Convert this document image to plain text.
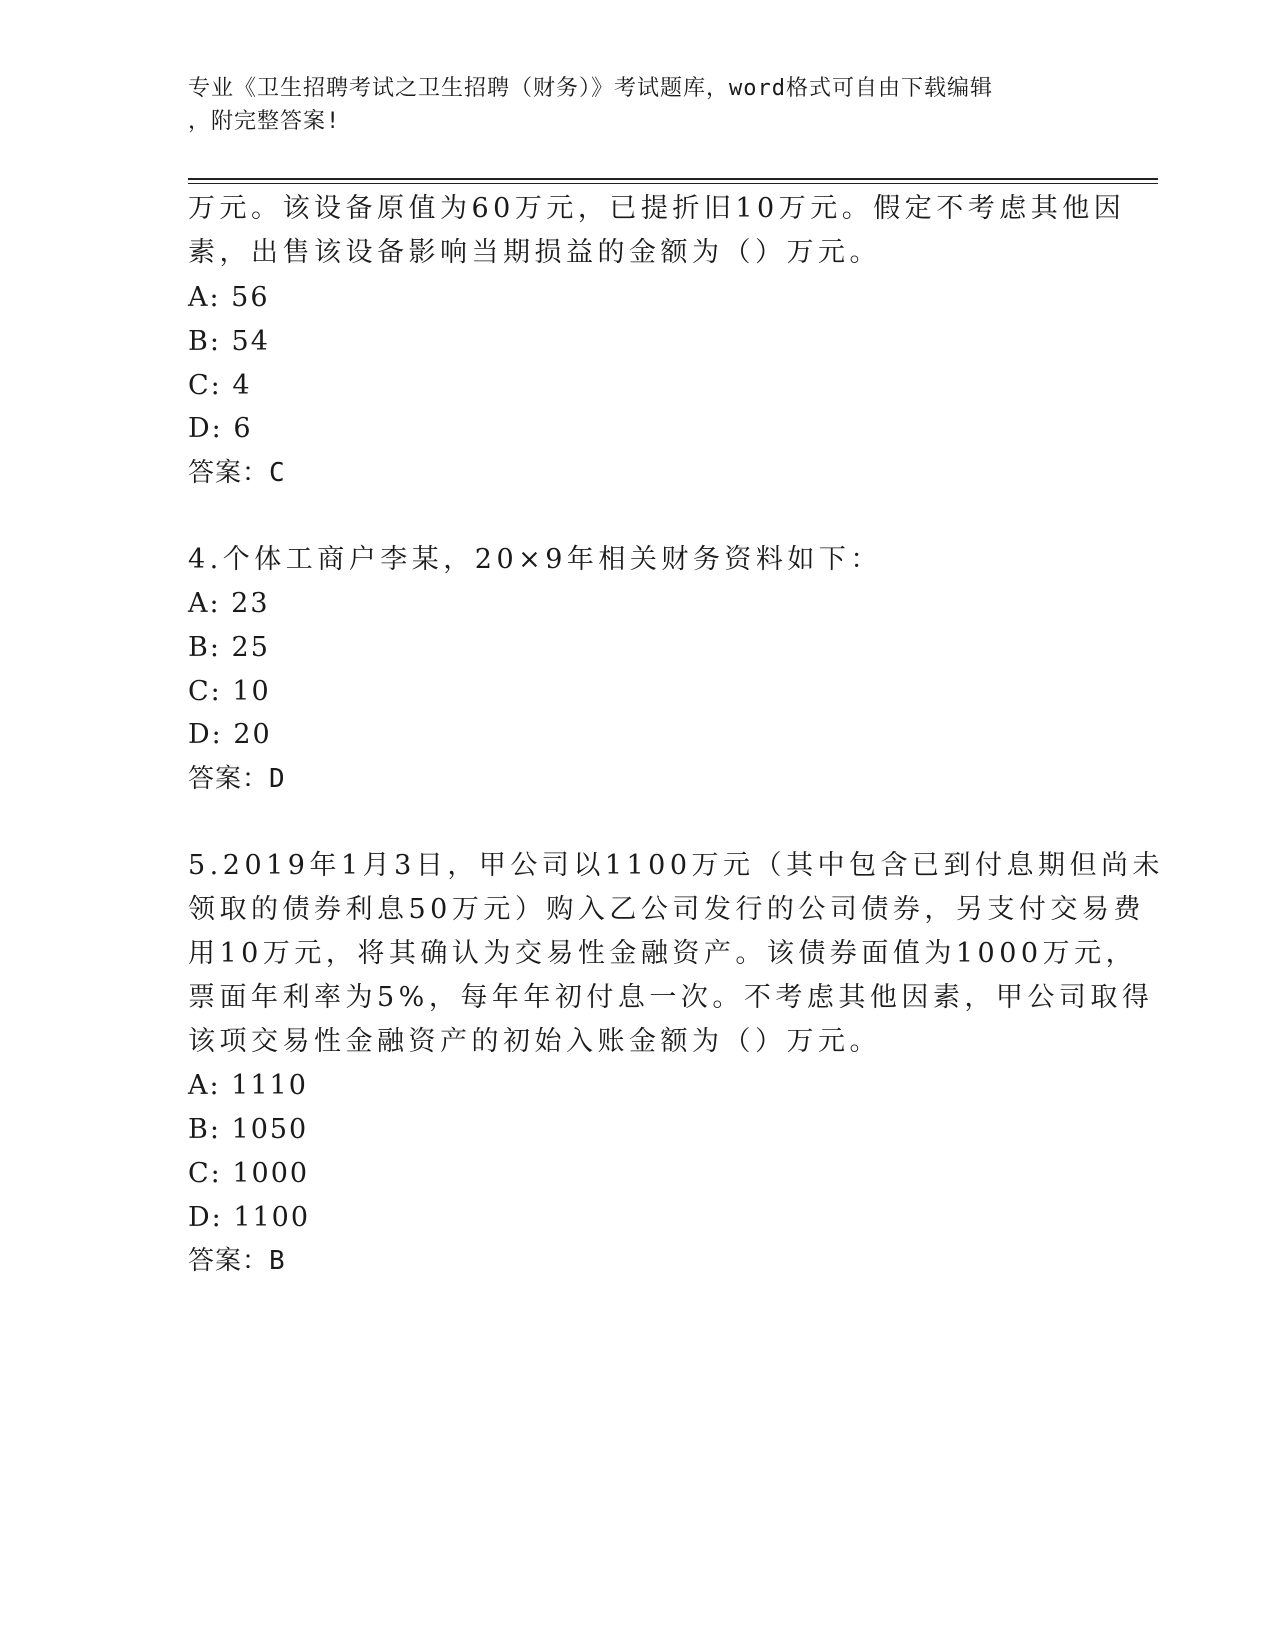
专业《卫生招聘考试之卫生招聘（财务）》考试题库，word格式可自由下载编辑
，附完整答案!
万元。该设备原值为60万元，已提折旧10万元。假定不考虑其他因
素，出售该设备影响当期损益的金额为（）万元。
A: 56
B: 54
C: 4
D: 6
答案：C
4.个体工商户李某，20×9年相关财务资料如下：
A: 23
B: 25
C: 10
D: 20
答案：D
5.2019年1月3日，甲公司以1100万元（其中包含已到付息期但尚未
领取的债券利息50万元）购入乙公司发行的公司债券，另支付交易费
用10万元，将其确认为交易性金融资产。该债券面值为1000万元，
票面年利率为5%，每年年初付息一次。不考虑其他因素，甲公司取得
该项交易性金融资产的初始入账金额为（）万元。
A: 1110
B: 1050
C: 1000
D: 1100
答案：B
